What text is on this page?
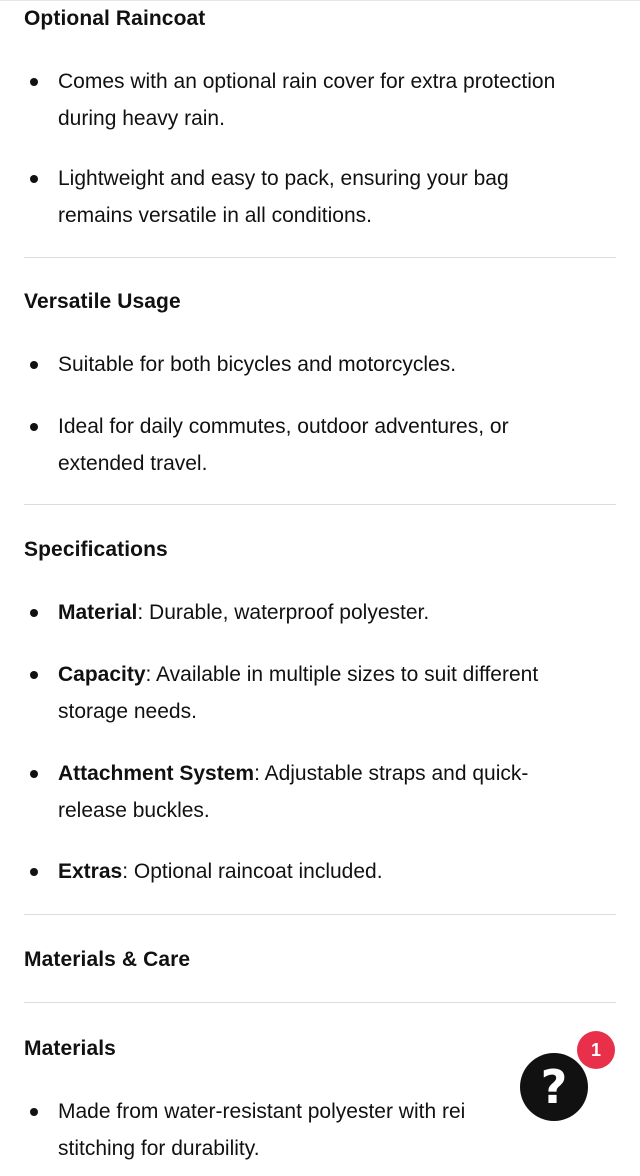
Optional Raincoat
Comes with an optional rain cover for extra protection
during heavy rain.
Lightweight and easy to pack, ensuring your bag
remains versatile in all conditions.
Versatile Usage
Suitable for both bicycles and motorcycles.
Ideal for daily commutes, outdoor adventures, or
extended travel.
Specifications
Material: Durable, waterproof polyester.
Capacity: Available in multiple sizes to suit different
storage needs.
Attachment System: Adjustable straps and quick-
release buckles.
Extras: Optional raincoat included.
Materials & Care
Materials
Made from water-resistant polyester with rei
stitching for durability.
?
1
